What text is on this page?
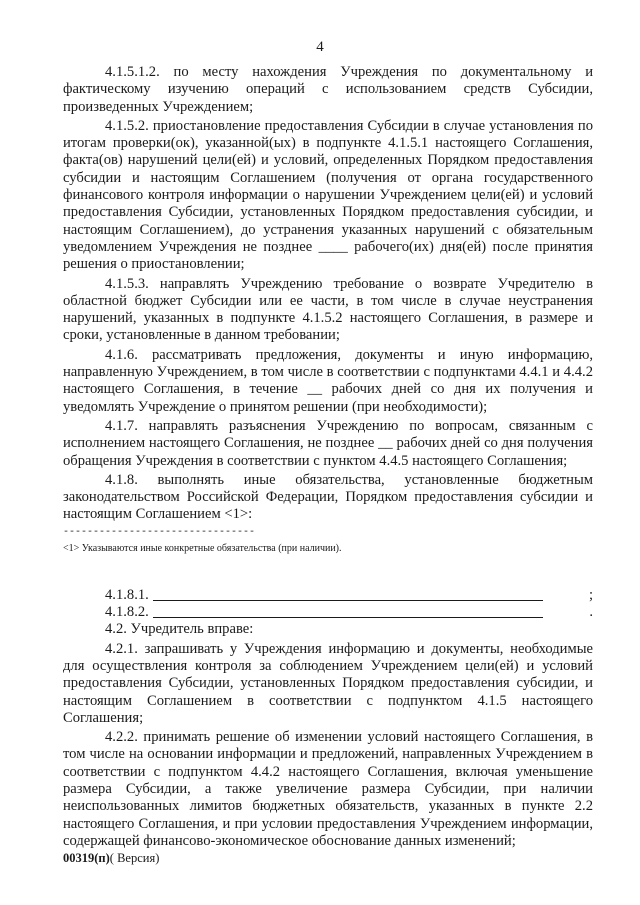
4

4.1.5.1.2. по месту нахождения Учреждения по документальному и фактическому изучению операций с использованием средств Субсидии, произведенных Учреждением;

4.1.5.2. приостановление предоставления Субсидии в случае установления по итогам проверки(ок), указанной(ых) в подпункте 4.1.5.1 настоящего Соглашения, факта(ов) нарушений цели(ей) и условий, определенных Порядком предоставления субсидии и настоящим Соглашением (получения от органа государственного финансового контроля информации о нарушении Учреждением цели(ей) и условий предоставления Субсидии, установленных Порядком предоставления субсидии, и настоящим Соглашением), до устранения указанных нарушений с обязательным уведомлением Учреждения не позднее ____ рабочего(их) дня(ей) после принятия решения о приостановлении;

4.1.5.3. направлять Учреждению требование о возврате Учредителю в областной бюджет Субсидии или ее части, в том числе в случае неустранения нарушений, указанных в подпункте 4.1.5.2 настоящего Соглашения, в размере и сроки, установленные в данном требовании;

4.1.6. рассматривать предложения, документы и иную информацию, направленную Учреждением, в том числе в соответствии с подпунктами 4.4.1 и 4.4.2 настоящего Соглашения, в течение __ рабочих дней со дня их получения и уведомлять Учреждение о принятом решении (при необходимости);

4.1.7. направлять разъяснения Учреждению по вопросам, связанным с исполнением настоящего Соглашения, не позднее __ рабочих дней со дня получения обращения Учреждения в соответствии с пунктом 4.4.5 настоящего Соглашения;

4.1.8. выполнять иные обязательства, установленные бюджетным законодательством Российской Федерации, Порядком предоставления субсидии и настоящим Соглашением <1>:

--------------------------------

<1> Указываются иные конкретные обязательства (при наличии).

4.1.8.1.	;
4.1.8.2.	.

4.2. Учредитель вправе:

4.2.1. запрашивать у Учреждения информацию и документы, необходимые для осуществления контроля за соблюдением Учреждением цели(ей) и условий предоставления Субсидии, установленных Порядком предоставления субсидии, и настоящим Соглашением в соответствии с подпунктом 4.1.5 настоящего Соглашения;

4.2.2. принимать решение об изменении условий настоящего Соглашения, в том числе на основании информации и предложений, направленных Учреждением в соответствии с подпунктом 4.4.2 настоящего Соглашения, включая уменьшение размера Субсидии, а также увеличение размера Субсидии, при наличии неиспользованных лимитов бюджетных обязательств, указанных в пункте 2.2 настоящего Соглашения, и при условии предоставления Учреждением информации, содержащей финансово-экономическое обоснование данных изменений;

00319(п)( Версия)
